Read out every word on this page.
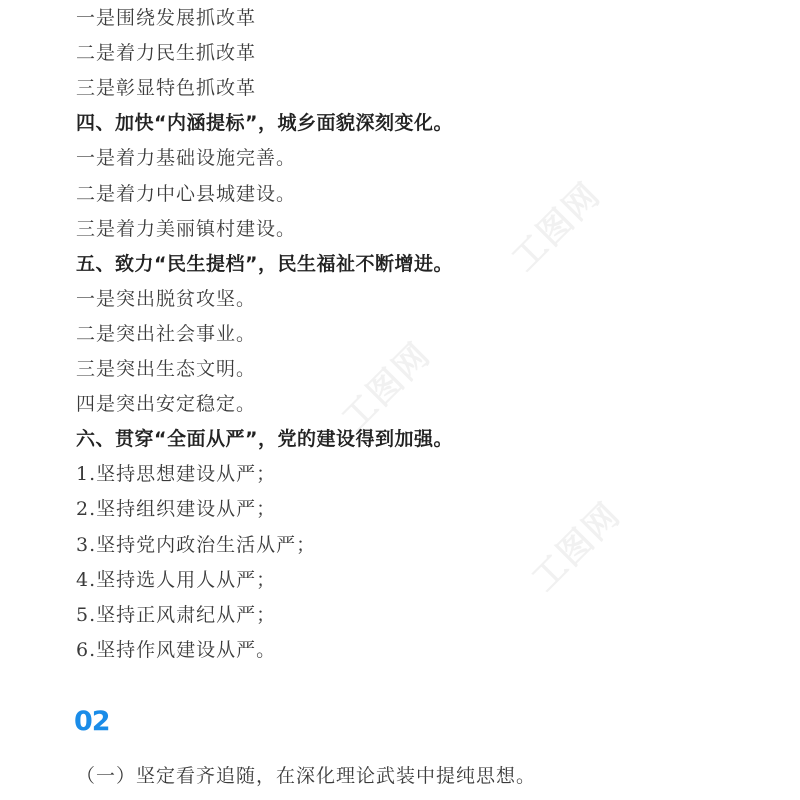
一是围绕发展抓改革
二是着力民生抓改革
三是彰显特色抓改革
四、加快“内涵提标”，城乡面貌深刻变化。
一是着力基础设施完善。
二是着力中心县城建设。
三是着力美丽镇村建设。
五、致力“民生提档”，民生福祉不断增进。
一是突出脱贫攻坚。
二是突出社会事业。
三是突出生态文明。
四是突出安定稳定。
六、贯穿“全面从严”，党的建设得到加强。
1.坚持思想建设从严；
2.坚持组织建设从严；
3.坚持党内政治生活从严；
4.坚持选人用人从严；
5.坚持正风肃纪从严；
6.坚持作风建设从严。
02
（一）坚定看齐追随，在深化理论武装中提纯思想。
工图网
工图网
工图网
